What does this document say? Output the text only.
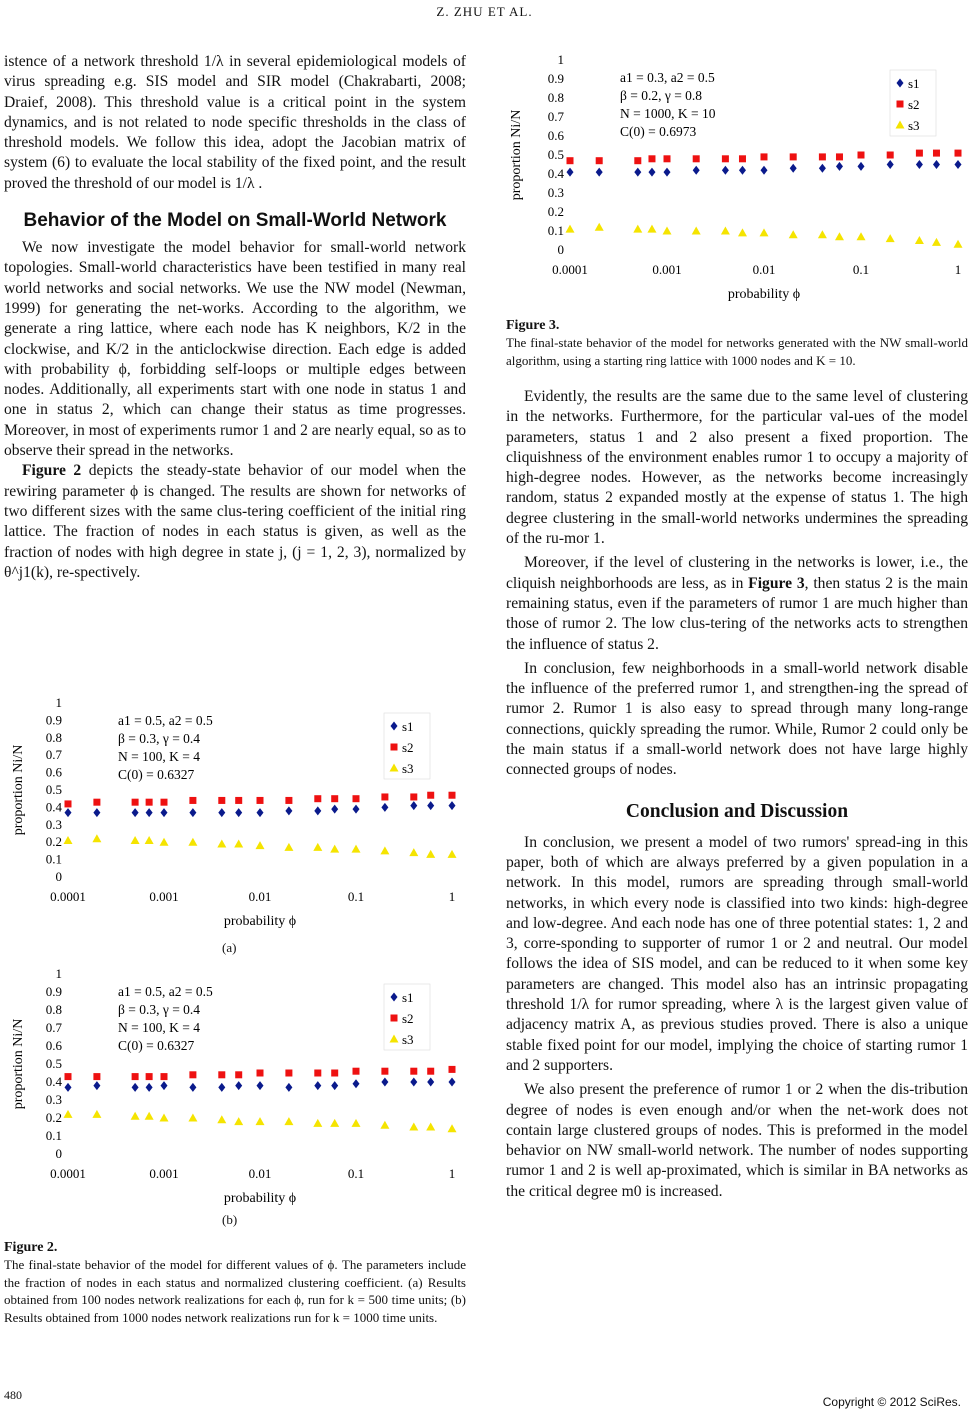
Z. ZHU ET AL.

istence of a network threshold 1/λ in several epidemiological models of virus spreading e.g. SIS model and SIR model (Chakrabarti, 2008; Draief, 2008). This threshold value is a critical point in the system dynamics, and is not related to node specific thresholds in the class of threshold models. We follow this idea, adopt the Jacobian matrix of system (6) to evaluate the local stability of the fixed point, and the result proved the threshold of our model is 1/λ .

Behavior of the Model on Small-World Network

We now investigate the model behavior for small-world network topologies. Small-world characteristics have been testified in many real world networks and social networks. We use the NW model (Newman, 1999) for generating the net-works. According to the algorithm, we generate a ring lattice, where each node has K neighbors, K/2 in the clockwise, and K/2 in the anticlockwise direction. Each edge is added with probability ϕ, forbidding self-loops or multiple edges between nodes. Additionally, all experiments start with one node in status 1 and one in status 2, which can change their status as time progresses. Moreover, in most of experiments rumor 1 and 2 are nearly equal, so as to observe their spread in the networks.

Figure 2 depicts the steady-state behavior of our model when the rewiring parameter ϕ is changed. The results are shown for networks of two different sizes with the same clus-tering coefficient of the initial ring lattice. The fraction of nodes in each status is given, as well as the fraction of nodes with high degree in state j, (j = 1, 2, 3), normalized by θ^j1(k), re-spectively.

0
0.1
0.2
0.3
0.4
0.5
0.6
0.7
0.8
0.9
1
0.0001	0.001	0.01	0.1	1
probability ϕ
proportion Ni/N
a1 = 0.5, a2 = 0.5
β = 0.3, γ = 0.4
N = 100, K = 4
C(0) = 0.6327
s1
s2
s3
(a)
0
0.1
0.2
0.3
0.4
0.5
0.6
0.7
0.8
0.9
1
0.0001	0.001	0.01	0.1	1
probability ϕ
proportion Ni/N
a1 = 0.5, a2 = 0.5
β = 0.3, γ = 0.4
N = 100, K = 4
C(0) = 0.6327
s1
s2
s3
(b)

Figure 2.

The final-state behavior of the model for different values of ϕ. The parameters include the fraction of nodes in each status and normalized clustering coefficient. (a) Results obtained from 100 nodes network realizations for each ϕ, run for k = 500 time units; (b) Results obtained from 1000 nodes network realizations run for k = 1000 time units.

0
0.1
0.2
0.3
0.4
0.5
0.6
0.7
0.8
0.9
1
0.0001	0.001	0.01	0.1	1
probability ϕ
proportion Ni/N
a1 = 0.3, a2 = 0.5
β = 0.2, γ = 0.8
N = 1000, K = 10
C(0) = 0.6973
s1
s2
s3

Figure 3.

The final-state behavior of the model for networks generated with the NW small-world algorithm, using a starting ring lattice with 1000 nodes and K = 10.

Evidently, the results are the same due to the same level of clustering in the networks. Furthermore, for the particular val-ues of the model parameters, status 1 and 2 also present a fixed proportion. The cliquishness of the environment enables rumor 1 to occupy a majority of high-degree nodes. However, as the networks become increasingly random, status 2 expanded mostly at the expense of status 1. The high degree clustering in the small-world networks undermines the spreading of the ru-mor 1.

Moreover, if the level of clustering in the networks is lower, i.e., the cliquish neighborhoods are less, as in Figure 3, then status 2 is the main remaining status, even if the parameters of rumor 1 are much higher than those of rumor 2. The low clus-tering of the networks acts to strengthen the influence of status 2.

In conclusion, few neighborhoods in a small-world network disable the influence of the preferred rumor 1, and strengthen-ing the spread of rumor 2. Rumor 1 is also easy to spread through many long-range connections, quickly spreading the rumor. While, Rumor 2 could only be the main status if a small-world network does not have large highly connected groups of nodes.

Conclusion and Discussion

In conclusion, we present a model of two rumors' spread-ing in this paper, both of which are always preferred by a given population in a network. In this model, rumors are spreading through small-world networks, in which every node is classified into two kinds: high-degree and low-degree. And each node has one of three potential states: 1, 2 and 3, corre-sponding to supporter of rumor 1 or 2 and neutral. Our model follows the idea of SIS model, and can be reduced to it when some key parameters are changed. This model also has an intrinsic propagating threshold 1/λ for rumor spreading, where λ is the largest given value of adjacency matrix A, as previous studies proved. There is also a unique stable fixed point for our model, implying the choice of starting rumor 1 and 2 supporters.

We also present the preference of rumor 1 or 2 when the dis-tribution degree of nodes is even enough and/or when the net-work does not contain large clustered groups of nodes. This is preformed in the model behavior on NW small-world network. The number of nodes supporting rumor 1 and 2 is well ap-proximated, which is similar in BA networks as the critical degree m0 is increased.

480	Copyright © 2012 SciRes.
